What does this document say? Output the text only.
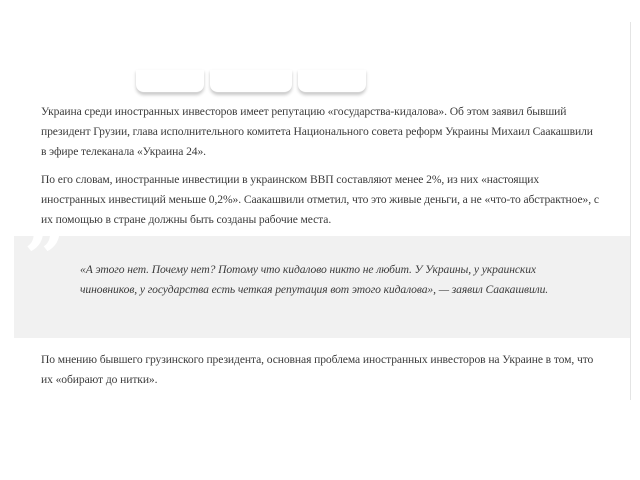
Украина среди иностранных инвесторов имеет репутацию «государства-кидалова». Об этом заявил бывший президент Грузии, глава исполнительного комитета Национального совета реформ Украины Михаил Саакашвили в эфире телеканала «Украина 24».

По его словам, иностранные инвестиции в украинском ВВП составляют менее 2%, из них «настоящих иностранных инвестиций меньше 0,2%». Саакашвили отметил, что это живые деньги, а не «что-то абстрактное», с их помощью в стране должны быть созданы рабочие места.

” «А этого нет. Почему нет? Потому что кидалово никто не любит. У Украины, у украинских чиновников, у государства есть четкая репутация вот этого кидалова», — заявил Саакашвили.

По мнению бывшего грузинского президента, основная проблема иностранных инвесторов на Украине в том, что их «обирают до нитки».
